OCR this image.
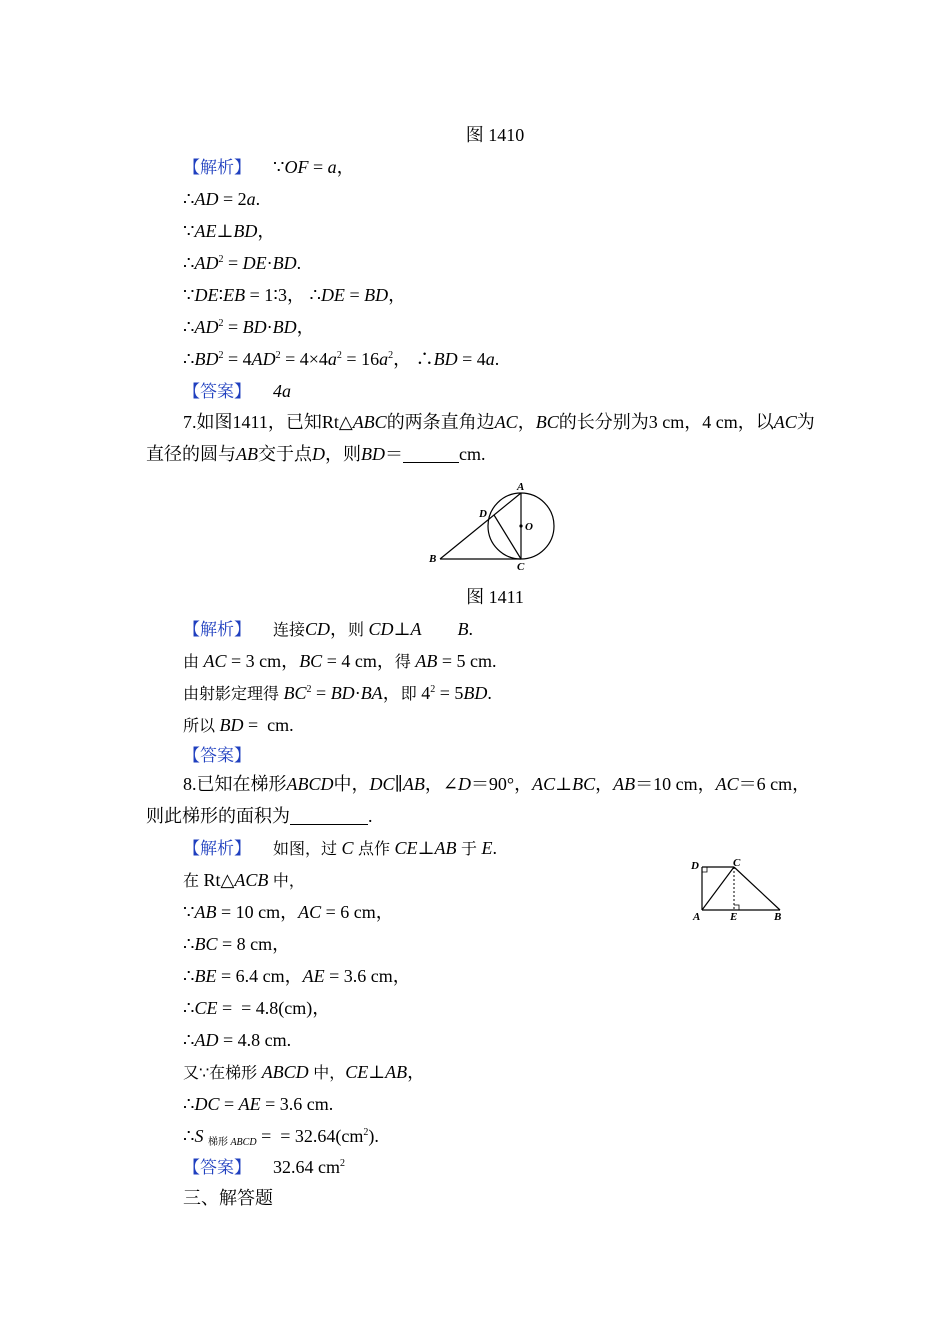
图 1410
【解析】 ∵OF = a，
∴AD = 2a.
∵AE⊥BD，
$\therefore AD^2 = DE\cdot BD$.
∵DE∶EB = 1∶3， ∴DE = BD，
$\therefore AD^2 = BD\cdot BD$，
$\therefore BD^2 = 4AD^2 = 4\times 4a^2 = 16a^2$， ∴BD = 4a.
【答案】 4a
7.如图1411，已知Rt△ABC的两条直角边AC，BC的长分别为3 cm，4 cm，以AC为直径的圆与AB交于点D，则BD＝	cm.
A
D
O
B
C
图 1411
【解析】 连接CD，则 CD⊥A　　 B.
由 AC = 3 cm，BC = 4 cm，得 AB = 5 cm.
由射影定理得 $BC^2 = BD\cdot BA$，即 $4^2 = 5BD$.
所以 BD =  cm.
【答案】
8.已知在梯形ABCD中，DC∥AB，∠D＝90°，AC⊥BC，AB＝10 cm，AC＝6 cm，则此梯形的面积为	.
D	C
A	E	B
【解析】 如图，过 C 点作 CE⊥AB 于 E.
在 Rt△ACB 中，
∵AB = 10 cm，AC = 6 cm，
∴BC = 8 cm，
∴BE = 6.4 cm，AE = 3.6 cm，
∴CE =  = 4.8(cm)，
∴AD = 4.8 cm.
又∵在梯形 ABCD 中，CE⊥AB，
∴DC = AE = 3.6 cm.
∴S $_{梯形 ABCD}$ =  = $32.64(cm^2)$.
【答案】 32.64 $cm^2$
三、解答题
